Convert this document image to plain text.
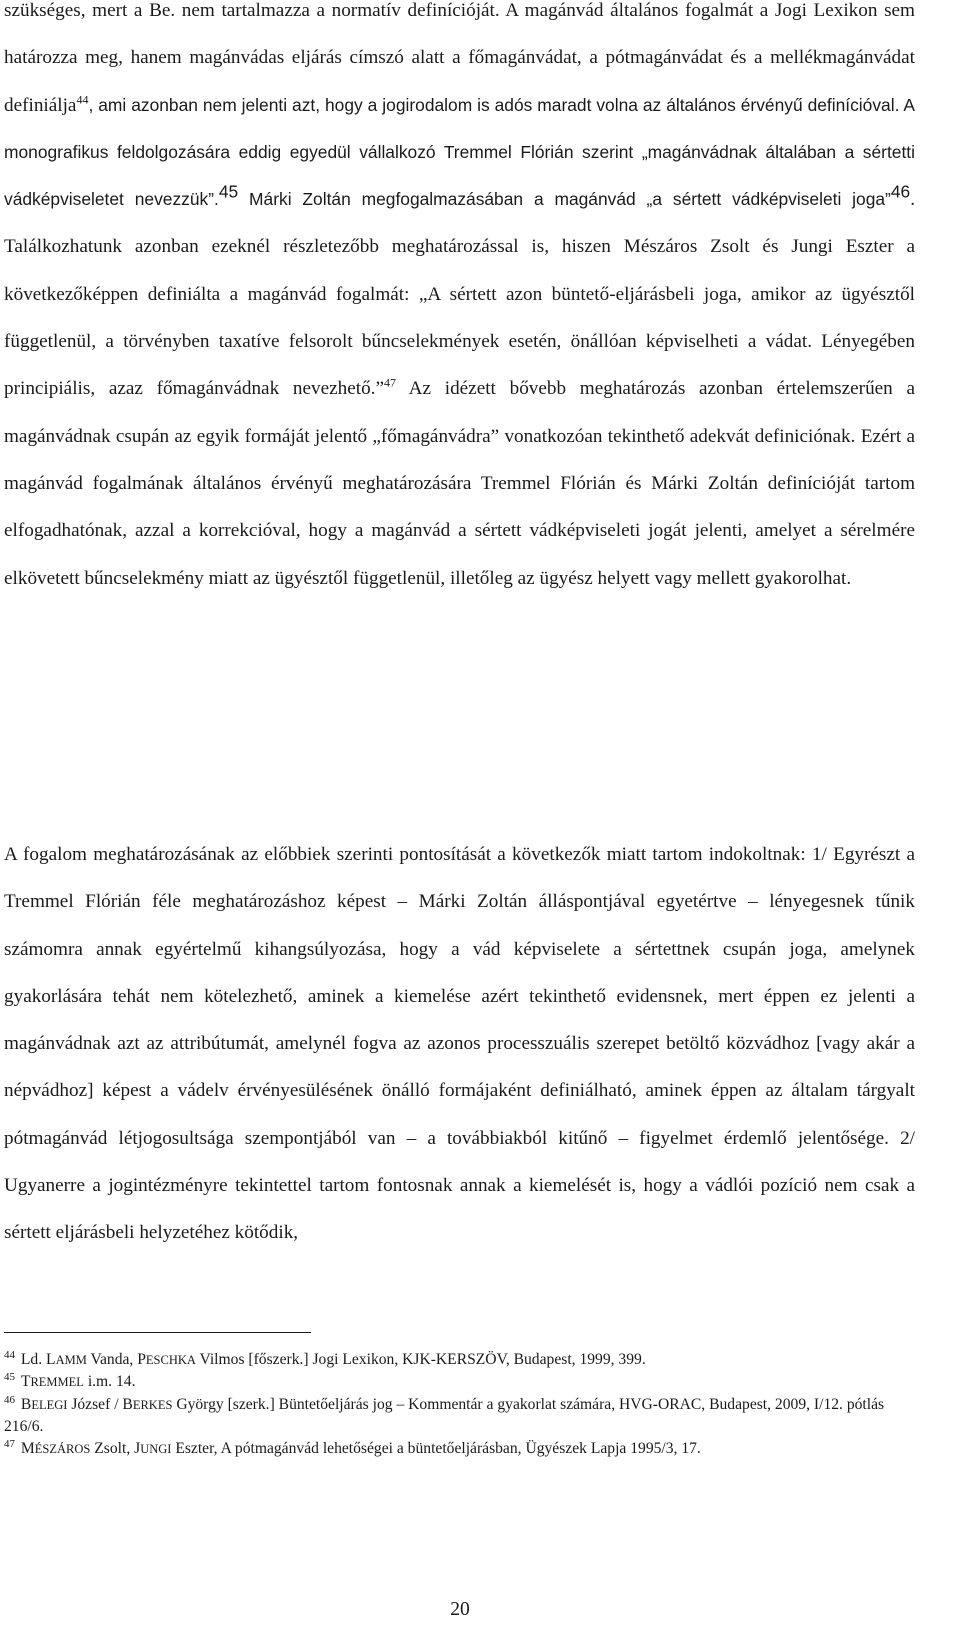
szükséges, mert a Be. nem tartalmazza a normatív definícióját. A magánvád általános fogalmát a Jogi Lexikon sem határozza meg, hanem magánvádas eljárás címszó alatt a főmagánvádat, a pótmagánvádat és a mellékmagánvádat definiálja$^{44}$, ami azonban nem jelenti azt, hogy a jogirodalom is adós maradt volna az általános érvényű definícióval. A monografikus feldolgozására eddig egyedül vállalkozó Tremmel Flórián szerint „magánvádnak általában a sértetti vádképviseletet nevezzük”.$^{45}$ Márki Zoltán megfogalmazásában a magánvád „a sértett vádképviseleti joga”$^{46}$. Találkozhatunk azonban ezeknél részletezőbb meghatározással is, hiszen Mészáros Zsolt és Jungi Eszter a következőképpen definiálta a magánvád fogalmát: „A sértett azon büntető-eljárásbeli joga, amikor az ügyésztől függetlenül, a törvényben taxatíve felsorolt bűncselekmények esetén, önállóan képviselheti a vádat. Lényegében principiális, azaz főmagánvádnak nevezhető.”$^{47}$ Az idézett bővebb meghatározás azonban értelemszerűen a magánvádnak csupán az egyik formáját jelentő „főmagánvádra” vonatkozóan tekinthető adekvát definiciónak. Ezért a magánvád fogalmának általános érvényű meghatározására Tremmel Flórián és Márki Zoltán definícióját tartom elfogadhatónak, azzal a korrekcióval, hogy a magánvád a sértett vádképviseleti jogát jelenti, amelyet a sérelmére elkövetett bűncselekmény miatt az ügyésztől függetlenül, illetőleg az ügyész helyett vagy mellett gyakorolhat.

A fogalom meghatározásának az előbbiek szerinti pontosítását a következők miatt tartom indokoltnak: 1/ Egyrészt a Tremmel Flórián féle meghatározáshoz képest – Márki Zoltán álláspontjával egyetértve – lényegesnek tűnik számomra annak egyértelmű kihangsúlyozása, hogy a vád képviselete a sértettnek csupán joga, amelynek gyakorlására tehát nem kötelezhető, aminek a kiemelése azért tekinthető evidensnek, mert éppen ez jelenti a magánvádnak azt az attribútumát, amelynél fogva az azonos processzuális szerepet betöltő közvádhoz [vagy akár a népvádhoz] képest a vádelv érvényesülésének önálló formájaként definiálható, aminek éppen az általam tárgyalt pótmagánvád létjogosultsága szempontjából van – a továbbiakból kitűnő – figyelmet érdemlő jelentősége. 2/ Ugyanerre a jogintézményre tekintettel tartom fontosnak annak a kiemelését is, hogy a vádlói pozíció nem csak a sértett eljárásbeli helyzetéhez kötődik,

$^{44}$ Ld. LAMM Vanda, PESCHKA Vilmos [főszerk.] Jogi Lexikon, KJK-KERSZÖV, Budapest, 1999, 399.

$^{45}$ TREMMEL i.m. 14.

$^{46}$ BELEGI József / BERKES György [szerk.] Büntetőeljárás jog – Kommentár a gyakorlat számára, HVG-ORAC, Budapest, 2009, I/12. pótlás 216/6.

$^{47}$ MÉSZÁROS Zsolt, JUNGI Eszter, A pótmagánvád lehetőségei a büntetőeljárásban, Ügyészek Lapja 1995/3, 17.

20
